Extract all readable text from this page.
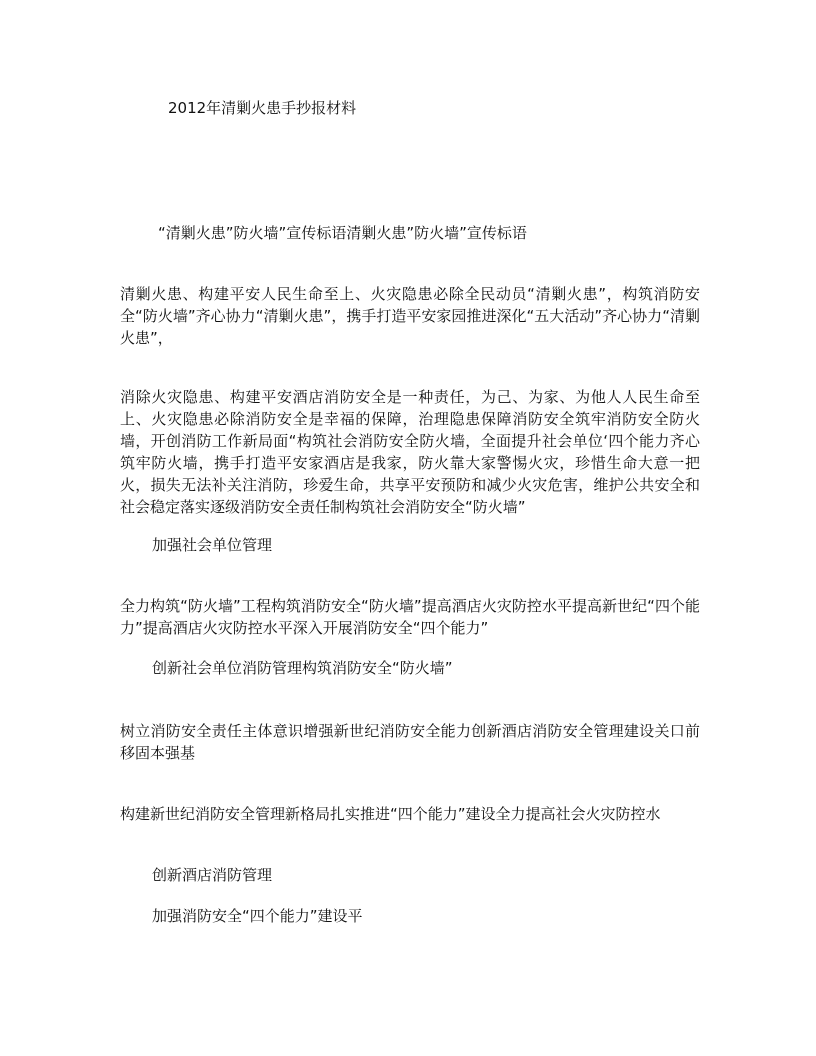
2012年清剿火患手抄报材料
“清剿火患”防火墙”宣传标语清剿火患”防火墙”宣传标语
清剿火患、构建平安人民生命至上、火灾隐患必除全民动员“清剿火患”，构筑消防安全“防火墙”齐心协力“清剿火患”，携手打造平安家园推进深化“五大活动”齐心协力“清剿火患”，
消除火灾隐患、构建平安酒店消防安全是一种责任，为己、为家、为他人人民生命至上、火灾隐患必除消防安全是幸福的保障，治理隐患保障消防安全筑牢消防安全防火墙，开创消防工作新局面“构筑社会消防安全防火墙，全面提升社会单位‘四个能力齐心筑牢防火墙，携手打造平安家酒店是我家，防火靠大家警惕火灾，珍惜生命大意一把火，损失无法补关注消防，珍爱生命，共享平安预防和减少火灾危害，维护公共安全和社会稳定落实逐级消防安全责任制构筑社会消防安全“防火墙”
加强社会单位管理
全力构筑“防火墙”工程构筑消防安全“防火墙”提高酒店火灾防控水平提高新世纪“四个能力”提高酒店火灾防控水平深入开展消防安全“四个能力”
创新社会单位消防管理构筑消防安全“防火墙”
树立消防安全责任主体意识增强新世纪消防安全能力创新酒店消防安全管理建设关口前移固本强基
构建新世纪消防安全管理新格局扎实推进“四个能力”建设全力提高社会火灾防控水
创新酒店消防管理
加强消防安全“四个能力”建设平
